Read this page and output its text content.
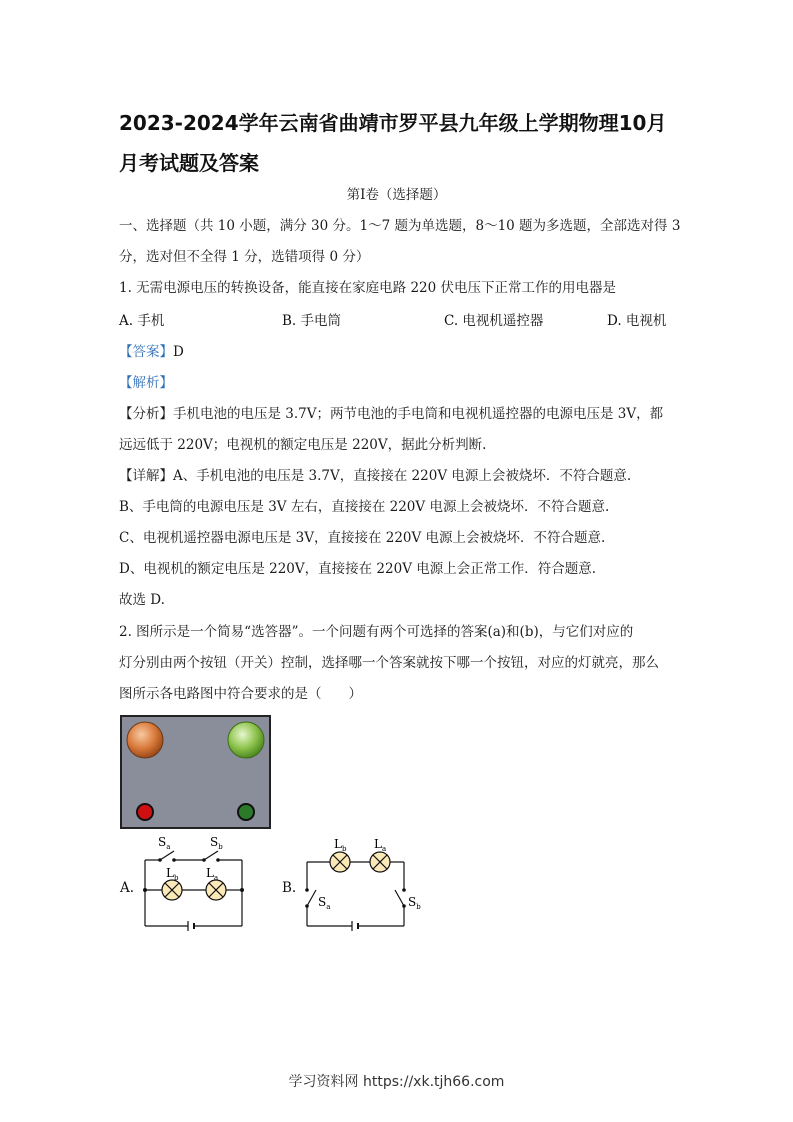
2023-2024学年云南省曲靖市罗平县九年级上学期物理10月月考试题及答案
第Ⅰ卷（选择题）
一、选择题（共 10 小题，满分 30 分。1～7 题为单选题，8～10 题为多选题，全部选对得 3
分，选对但不全得 1 分，选错项得 0 分）
1. 无需电源电压的转换设备，能直接在家庭电路 220 伏电压下正常工作的用电器是
A. 手机	B. 手电筒	C. 电视机遥控器	D. 电视机
【答案】D
【解析】
【分析】手机电池的电压是 3.7V；两节电池的手电筒和电视机遥控器的电源电压是 3V，都
远远低于 220V；电视机的额定电压是 220V，据此分析判断.
【详解】A、手机电池的电压是 3.7V，直接接在 220V 电源上会被烧坏．不符合题意.
B、手电筒的电源电压是 3V 左右，直接接在 220V 电源上会被烧坏．不符合题意.
C、电视机遥控器电源电压是 3V，直接接在 220V 电源上会被烧坏．不符合题意.
D、电视机的额定电压是 220V，直接接在 220V 电源上会正常工作．符合题意.
故选 D.
2. 图所示是一个简易“选答器”。一个问题有两个可选择的答案(a)和(b)，与它们对应的
灯分别由两个按钮（开关）控制，选择哪一个答案就按下哪一个按钮，对应的灯就亮，那么
图所示各电路图中符合要求的是（　　）
A.
$S_a$	$S_b$
$L_b$ $L_a$
B.
$L_b$ $L_a$
$S_a$	$S_b$
学习资料网 https://xk.tjh66.com
